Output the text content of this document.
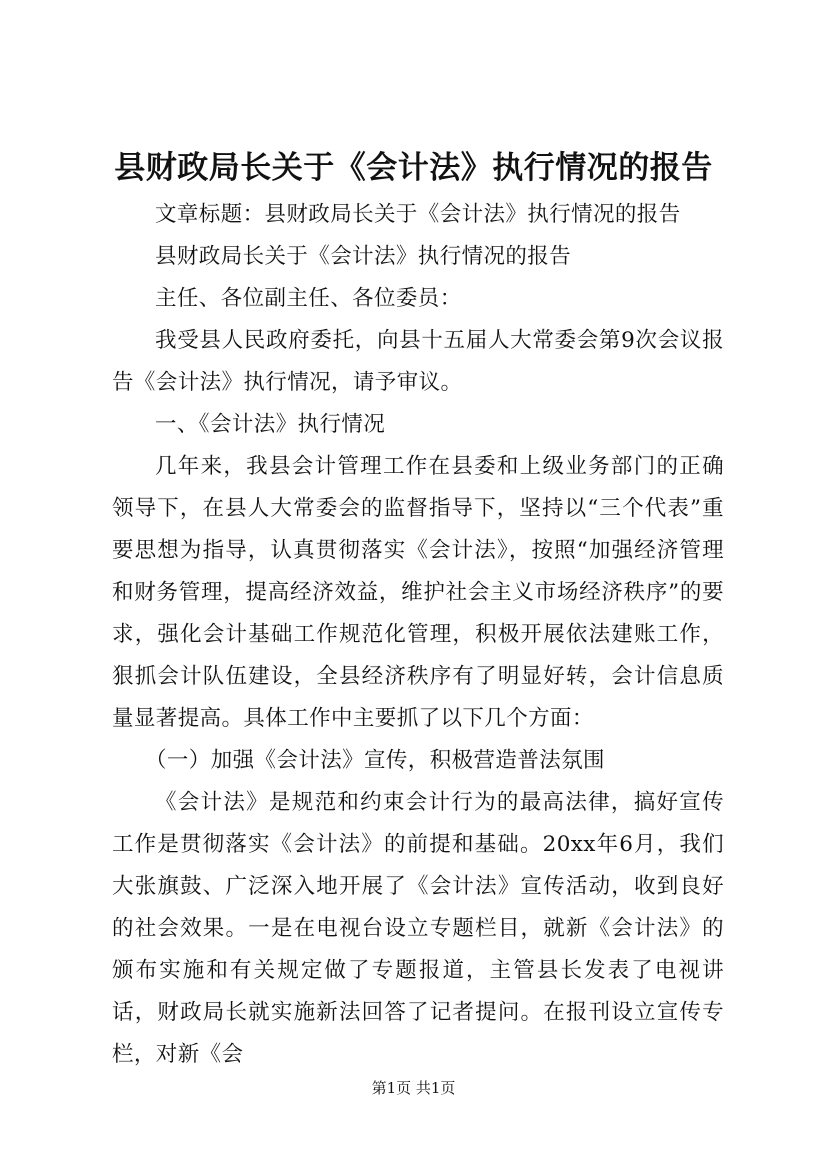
县财政局长关于《会计法》执行情况的报告

文章标题：县财政局长关于《会计法》执行情况的报告

县财政局长关于《会计法》执行情况的报告

主任、各位副主任、各位委员：

我受县人民政府委托，向县十五届人大常委会第9次会议报告《会计法》执行情况，请予审议。

一、《会计法》执行情况

几年来，我县会计管理工作在县委和上级业务部门的正确领导下，在县人大常委会的监督指导下，坚持以“三个代表”重要思想为指导，认真贯彻落实《会计法》，按照“加强经济管理和财务管理，提高经济效益，维护社会主义市场经济秩序”的要求，强化会计基础工作规范化管理，积极开展依法建账工作，狠抓会计队伍建设，全县经济秩序有了明显好转，会计信息质量显著提高。具体工作中主要抓了以下几个方面：

（一）加强《会计法》宣传，积极营造普法氛围

《会计法》是规范和约束会计行为的最高法律，搞好宣传工作是贯彻落实《会计法》的前提和基础。20xx年6月，我们大张旗鼓、广泛深入地开展了《会计法》宣传活动，收到良好的社会效果。一是在电视台设立专题栏目，就新《会计法》的颁布实施和有关规定做了专题报道，主管县长发表了电视讲话，财政局长就实施新法回答了记者提问。在报刊设立宣传专栏，对新《会

第1页 共1页
